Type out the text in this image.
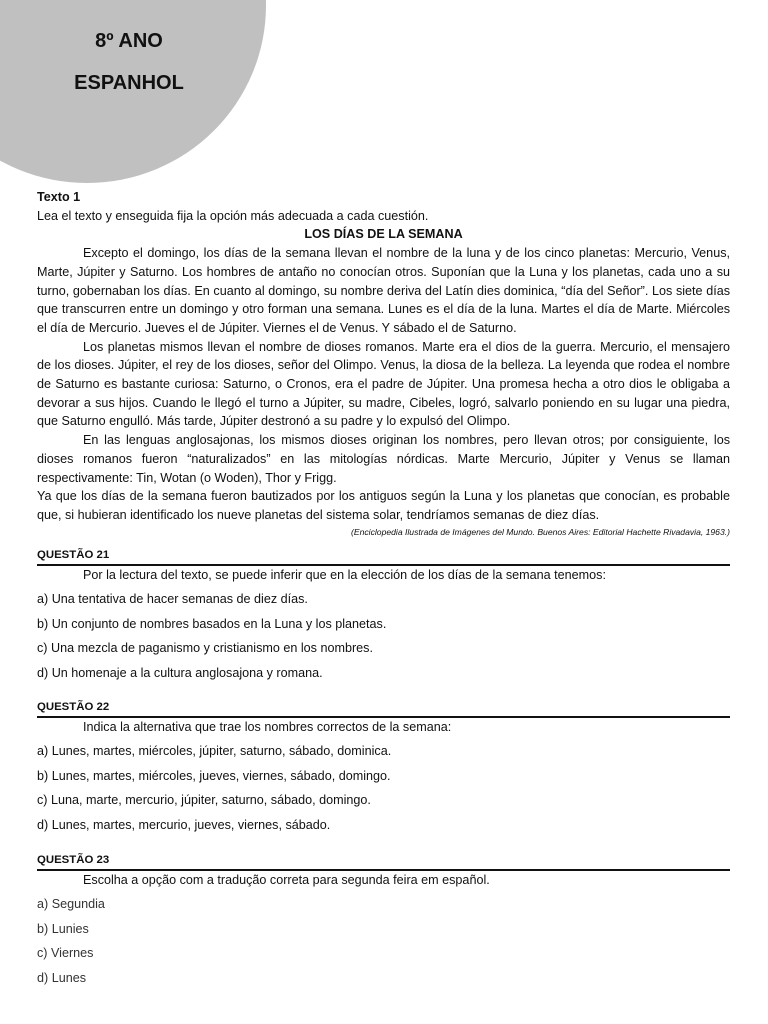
8º ANO
ESPANHOL

Texto 1

Lea el texto y enseguida fija la opción más adecuada a cada cuestión.

LOS DÍAS DE LA SEMANA

Excepto el domingo, los días de la semana llevan el nombre de la luna y de los cinco planetas: Mercurio, Venus, Marte, Júpiter y Saturno. Los hombres de antaño no conocían otros. Suponían que la Luna y los planetas, cada uno a su turno, gobernaban los días. En cuanto al domingo, su nombre deriva del Latín dies dominica, “día del Señor”. Los siete días que transcurren entre un domingo y otro forman una semana. Lunes es el día de la luna. Martes el día de Marte. Miércoles el día de Mercurio. Jueves el de Júpiter. Viernes el de Venus. Y sábado el de Saturno.

Los planetas mismos llevan el nombre de dioses romanos. Marte era el dios de la guerra. Mercurio, el mensajero de los dioses. Júpiter, el rey de los dioses, señor del Olimpo. Venus, la diosa de la belleza. La leyenda que rodea el nombre de Saturno es bastante curiosa: Saturno, o Cronos, era el padre de Júpiter. Una promesa hecha a otro dios le obligaba a devorar a sus hijos. Cuando le llegó el turno a Júpiter, su madre, Cibeles, logró, salvarlo poniendo en su lugar una piedra, que Saturno engulló. Más tarde, Júpiter destronó a su padre y lo expulsó del Olimpo.

En las lenguas anglosajonas, los mismos dioses originan los nombres, pero llevan otros; por consiguiente, los dioses romanos fueron “naturalizados” en las mitologías nórdicas. Marte Mercurio, Júpiter y Venus se llaman respectivamente: Tin, Wotan (o Woden), Thor y Frigg.

Ya que los días de la semana fueron bautizados por los antiguos según la Luna y los planetas que conocían, es probable que, si hubieran identificado los nueve planetas del sistema solar, tendríamos semanas de diez días.

(Enciclopedia Ilustrada de Imágenes del Mundo. Buenos Aires: Editorial Hachette Rivadavia, 1963.)

QUESTÃO 21
Por la lectura del texto, se puede inferir que en la elección de los días de la semana tenemos:
a) Una tentativa de hacer semanas de diez días.
b) Un conjunto de nombres basados en la Luna y los planetas.
c) Una mezcla de paganismo y cristianismo en los nombres.
d) Un homenaje a la cultura anglosajona y romana.
QUESTÃO 22
Indica la alternativa que trae los nombres correctos de la semana:
a) Lunes, martes, miércoles, júpiter, saturno, sábado, dominica.
b) Lunes, martes, miércoles, jueves, viernes, sábado, domingo.
c) Luna, marte, mercurio, júpiter, saturno, sábado, domingo.
d) Lunes, martes, mercurio, jueves, viernes, sábado.
QUESTÃO 23
Escolha a opção com a tradução correta para segunda feira em español.
a) Segundia
b) Lunies
c) Viernes
d) Lunes
